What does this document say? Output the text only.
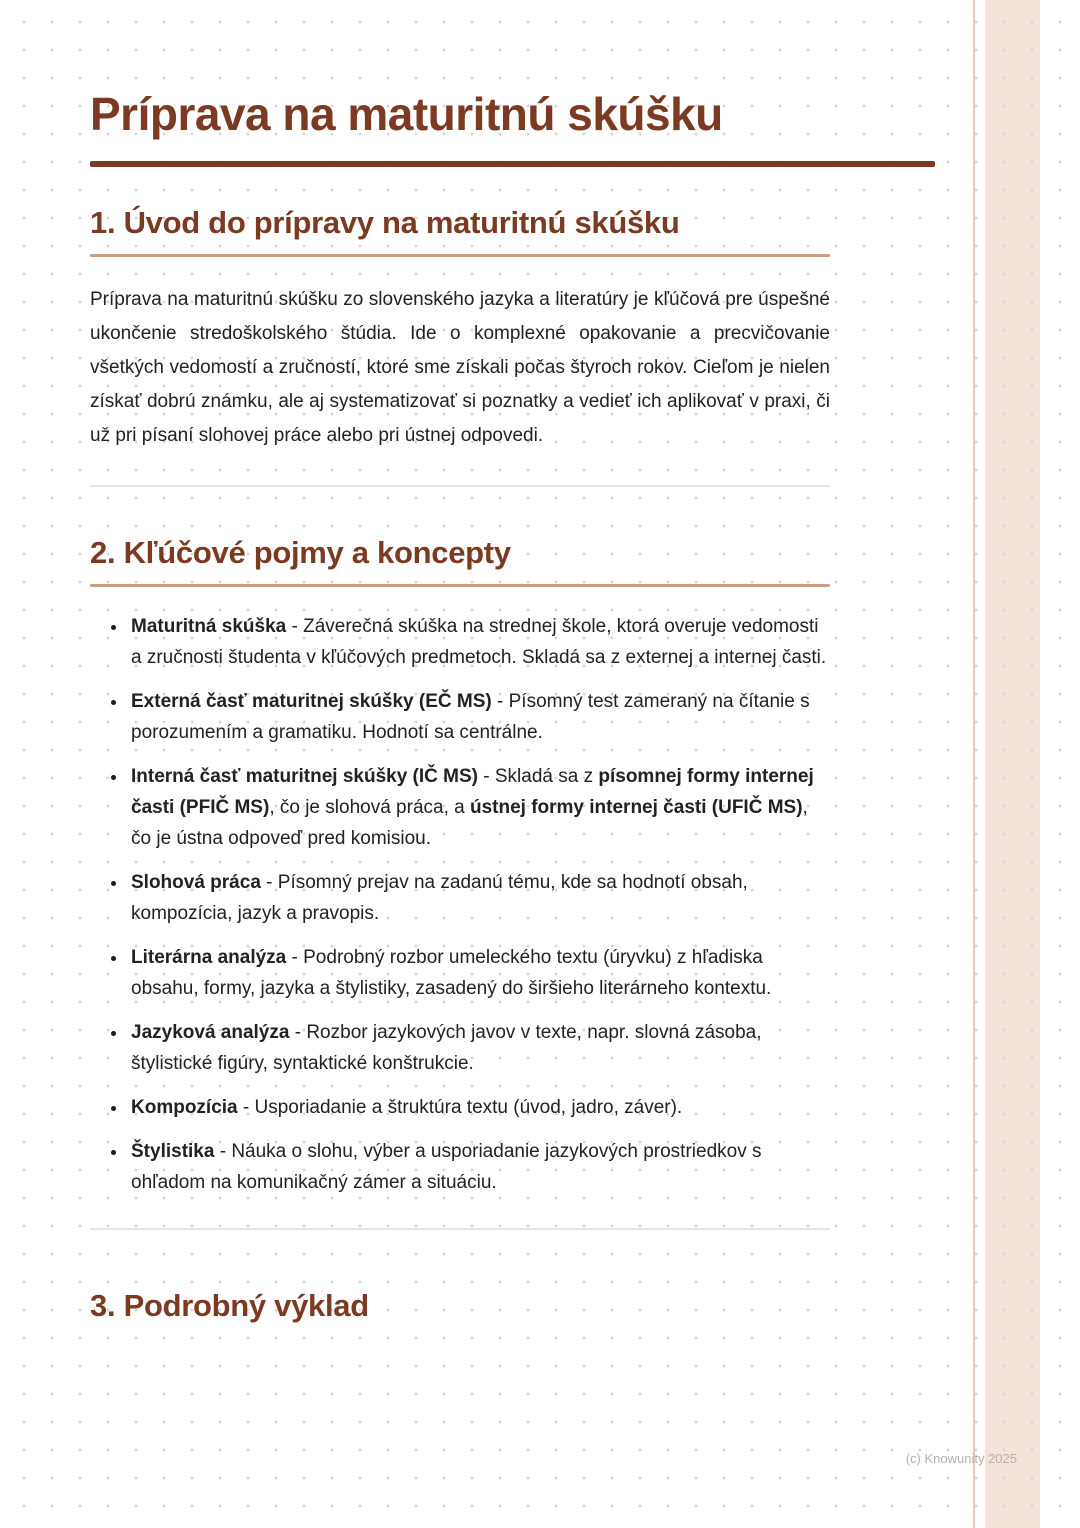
Príprava na maturitnú skúšku
1. Úvod do prípravy na maturitnú skúšku

Príprava na maturitnú skúšku zo slovenského jazyka a literatúry je kľúčová pre úspešné ukončenie stredoškolského štúdia. Ide o komplexné opakovanie a precvičovanie všetkých vedomostí a zručností, ktoré sme získali počas štyroch rokov. Cieľom je nielen získať dobrú známku, ale aj systematizovať si poznatky a vedieť ich aplikovať v praxi, či už pri písaní slohovej práce alebo pri ústnej odpovedi.

2. Kľúčové pojmy a koncepty
• Maturitná skúška - Záverečná skúška na strednej škole, ktorá overuje vedomosti a zručnosti študenta v kľúčových predmetoch. Skladá sa z externej a internej časti.
• Externá časť maturitnej skúšky (EČ MS) - Písomný test zameraný na čítanie s porozumením a gramatiku. Hodnotí sa centrálne.
• Interná časť maturitnej skúšky (IČ MS) - Skladá sa z písomnej formy internej časti (PFIČ MS), čo je slohová práca, a ústnej formy internej časti (UFIČ MS), čo je ústna odpoveď pred komisiou.
• Slohová práca - Písomný prejav na zadanú tému, kde sa hodnotí obsah, kompozícia, jazyk a pravopis.
• Literárna analýza - Podrobný rozbor umeleckého textu (úryvku) z hľadiska obsahu, formy, jazyka a štylistiky, zasadený do širšieho literárneho kontextu.
• Jazyková analýza - Rozbor jazykových javov v texte, napr. slovná zásoba, štylistické figúry, syntaktické konštrukcie.
• Kompozícia - Usporiadanie a štruktúra textu (úvod, jadro, záver).
• Štylistika - Náuka o slohu, výber a usporiadanie jazykových prostriedkov s ohľadom na komunikačný zámer a situáciu.
3. Podrobný výklad
(c) Knowunity 2025
